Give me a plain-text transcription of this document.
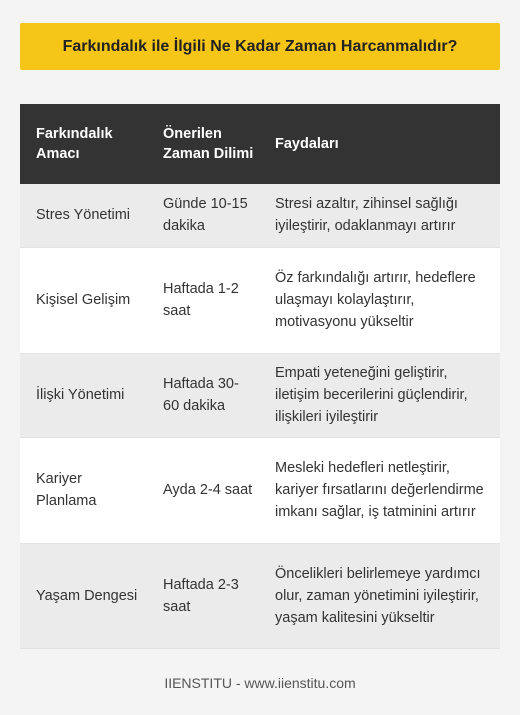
Farkındalık ile İlgili Ne Kadar Zaman Harcanmalıdır?
Farkındalık Amacı	Önerilen Zaman Dilimi	Faydaları
Stres Yönetimi	Günde 10-15 dakika	Stresi azaltır, zihinsel sağlığı iyileştirir, odaklanmayı artırır
Kişisel Gelişim	Haftada 1-2 saat	Öz farkındalığı artırır, hedeflere ulaşmayı kolaylaştırır, motivasyonu yükseltir
İlişki Yönetimi	Haftada 30-60 dakika	Empati yeteneğini geliştirir, iletişim becerilerini güçlendirir, ilişkileri iyileştirir
Kariyer Planlama	Ayda 2-4 saat	Mesleki hedefleri netleştirir, kariyer fırsatlarını değerlendirme imkanı sağlar, iş tatminini artırır
Yaşam Dengesi	Haftada 2-3 saat	Öncelikleri belirlemeye yardımcı olur, zaman yönetimini iyileştirir, yaşam kalitesini yükseltir
IIENSTITU - www.iienstitu.com
